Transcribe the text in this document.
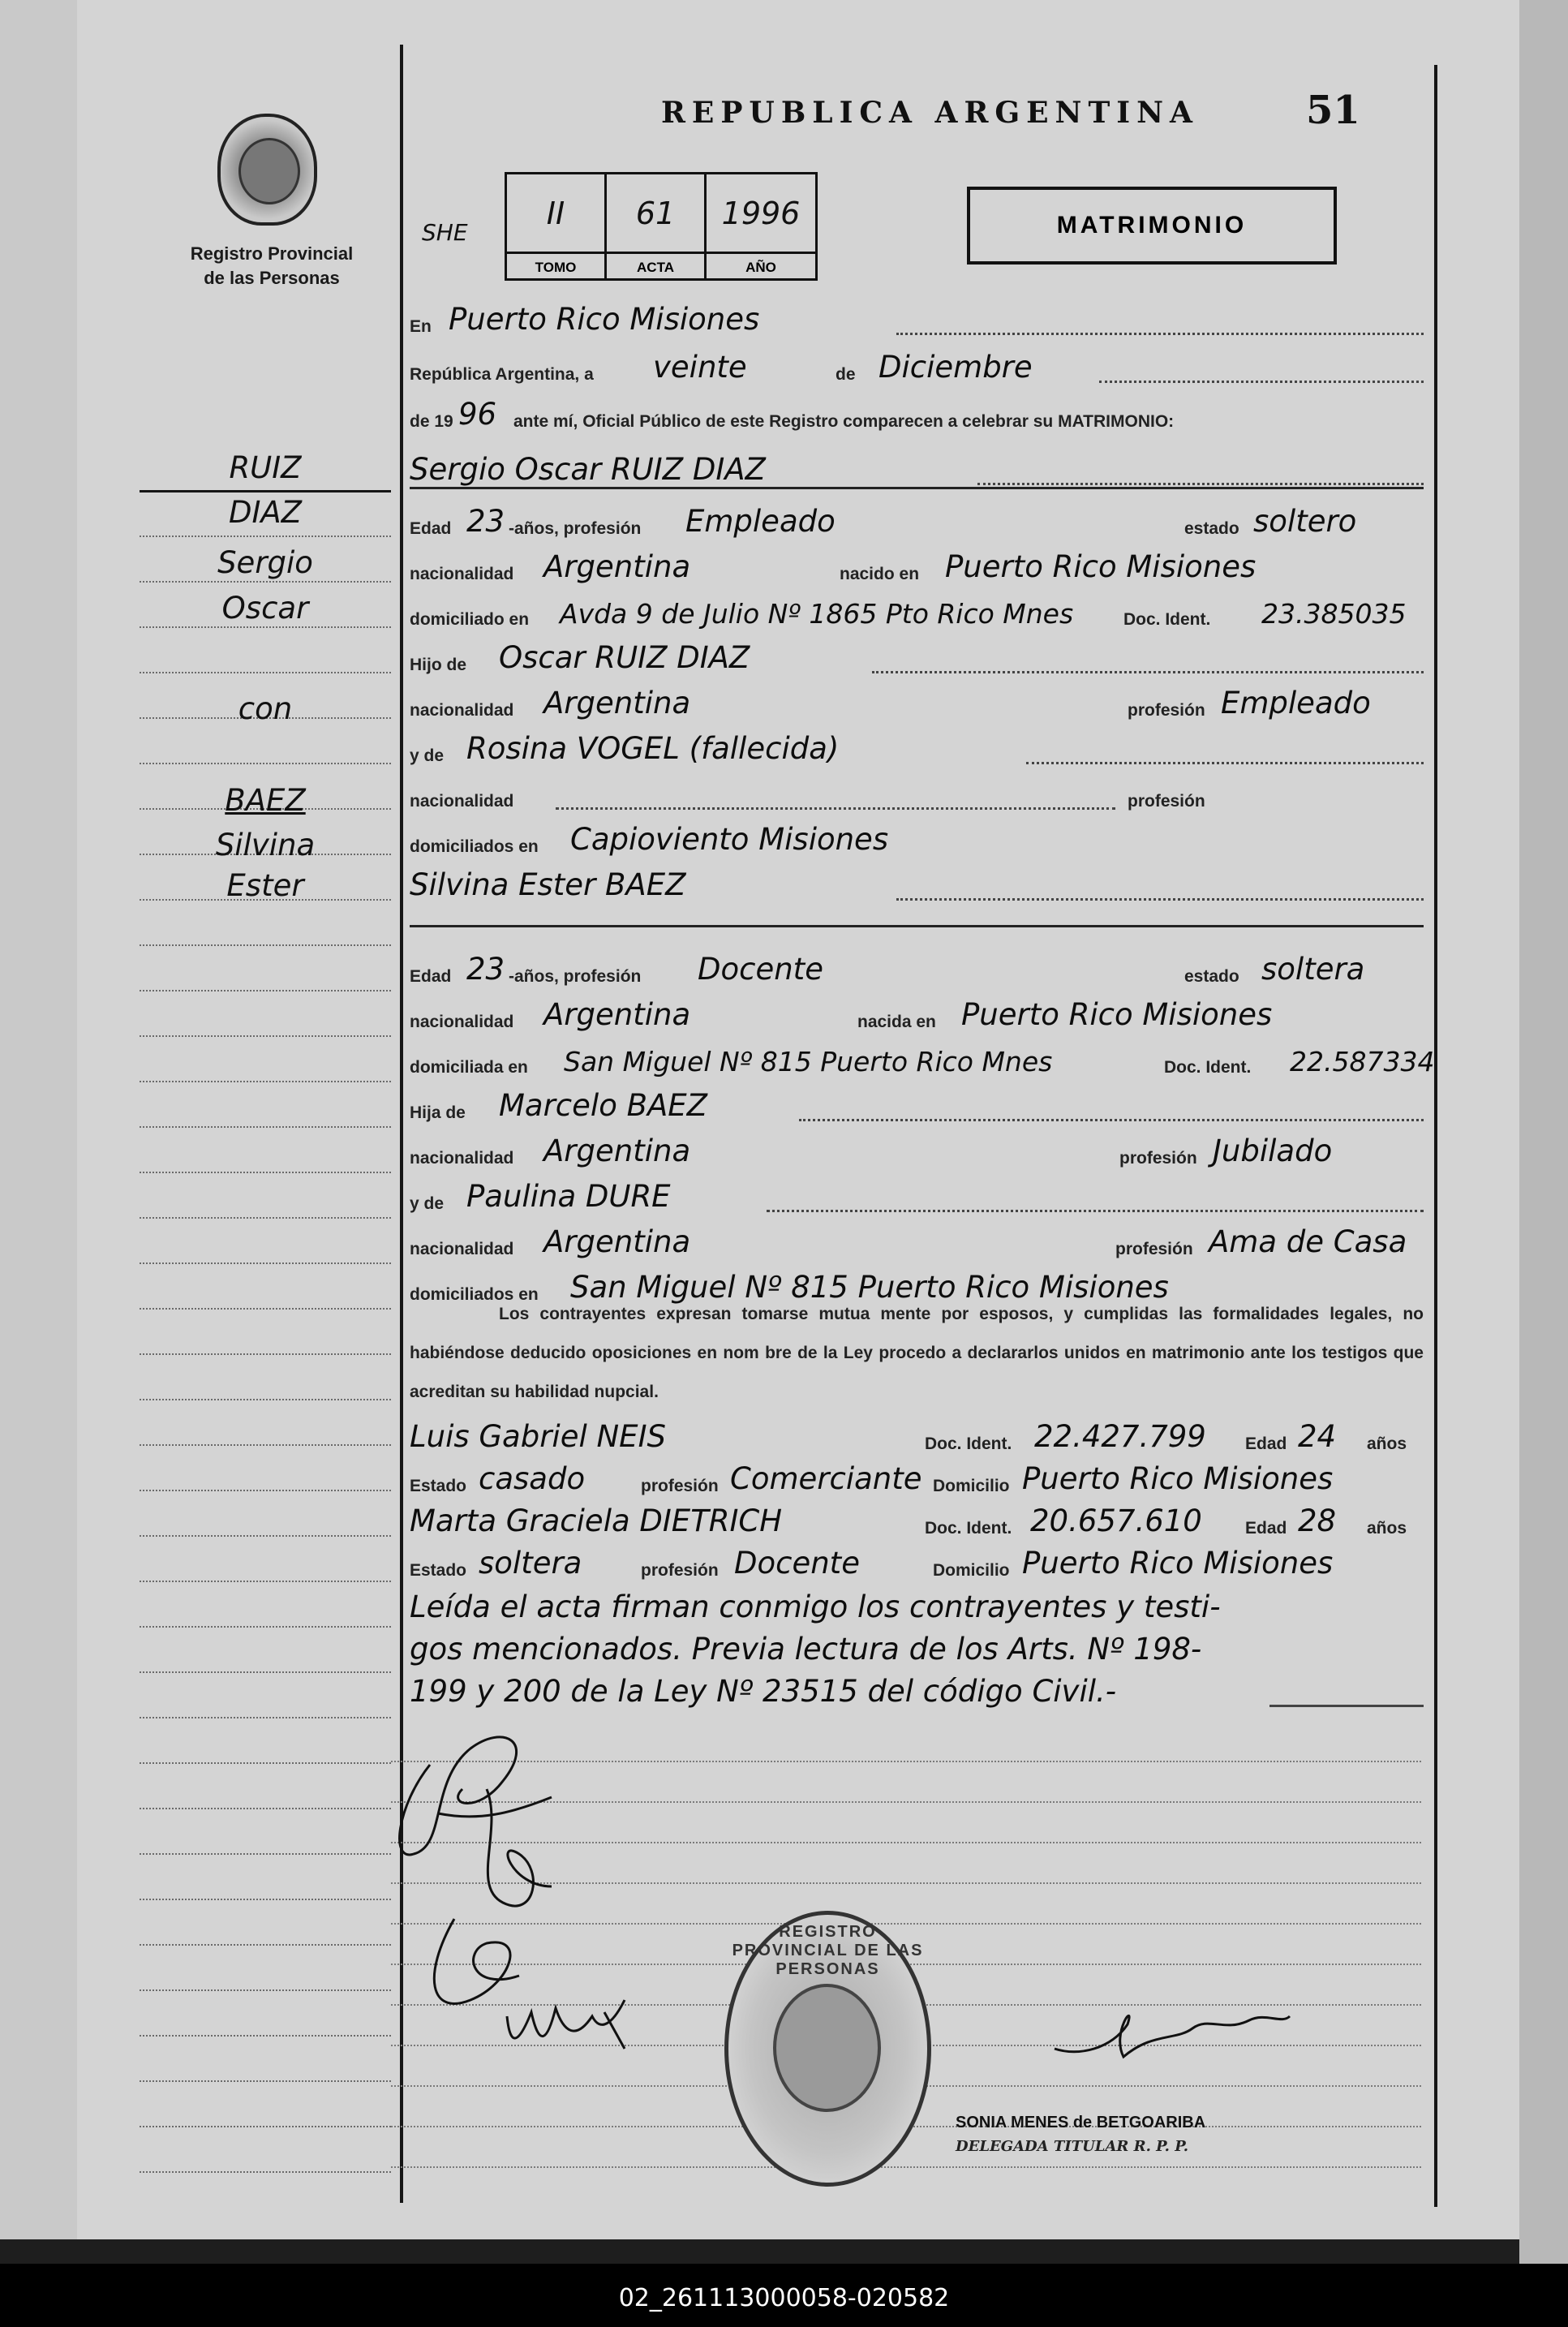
REPUBLICA ARGENTINA	51
Registro Provincial
de las Personas
SHE
II	61	1996
TOMO	ACTA	AÑO
MATRIMONIO
En Puerto Rico Misiones
República Argentina, a veinte	de Diciembre
de 19 96 ante mí, Oficial Público de este Registro comparecen a celebrar su MATRIMONIO:
Sergio Oscar RUIZ DIAZ
Edad 23 -años, profesión Empleado	estado soltero
nacionalidad Argentina	nacido en Puerto Rico Misiones
domiciliado en Avda 9 de Julio Nº 1865 Pto Rico Mnes	Doc. Ident. 23.385035
Hijo de Oscar RUIZ DIAZ
nacionalidad Argentina	profesión Empleado
y de Rosina VOGEL (fallecida)
nacionalidad	profesión
domiciliados en Capioviento Misiones
Silvina Ester BAEZ
Edad 23 -años, profesión Docente	estado soltera
nacionalidad Argentina	nacida en Puerto Rico Misiones
domiciliada en San Miguel Nº 815 Puerto Rico Mnes	Doc. Ident. 22.587334
Hija de Marcelo BAEZ
nacionalidad Argentina	profesión Jubilado
y de Paulina DURE
nacionalidad Argentina	profesión Ama de Casa
domiciliados en San Miguel Nº 815 Puerto Rico Misiones
Los contrayentes expresan tomarse mutua mente por esposos, y cumplidas las formalidades legales, no habiéndose deducido oposiciones en nom bre de la Ley procedo a declararlos unidos en matrimonio ante los testigos que acreditan su habilidad nupcial.
Luis Gabriel NEIS	Doc. Ident. 22.427.799 Edad 24 años
Estado casado	profesión Comerciante Domicilio Puerto Rico Misiones
Marta Graciela DIETRICH	Doc. Ident. 20.657.610	Edad 28 años
Estado soltera	profesión Docente	Domicilio Puerto Rico Misiones
Leída el acta firman conmigo los contrayentes y testi-
gos mencionados. Previa lectura de los Arts. Nº 198-
199 y 200 de la Ley Nº 23515 del código Civil.-
RUIZ
DIAZ
Sergio
Oscar
con
BAEZ
Silvina
Ester
REGISTRO PROVINCIAL DE LAS PERSONAS
SONIA MENES de BETGOARIBA
DELEGADA TITULAR R. P. P.
02_261113000058-020582
